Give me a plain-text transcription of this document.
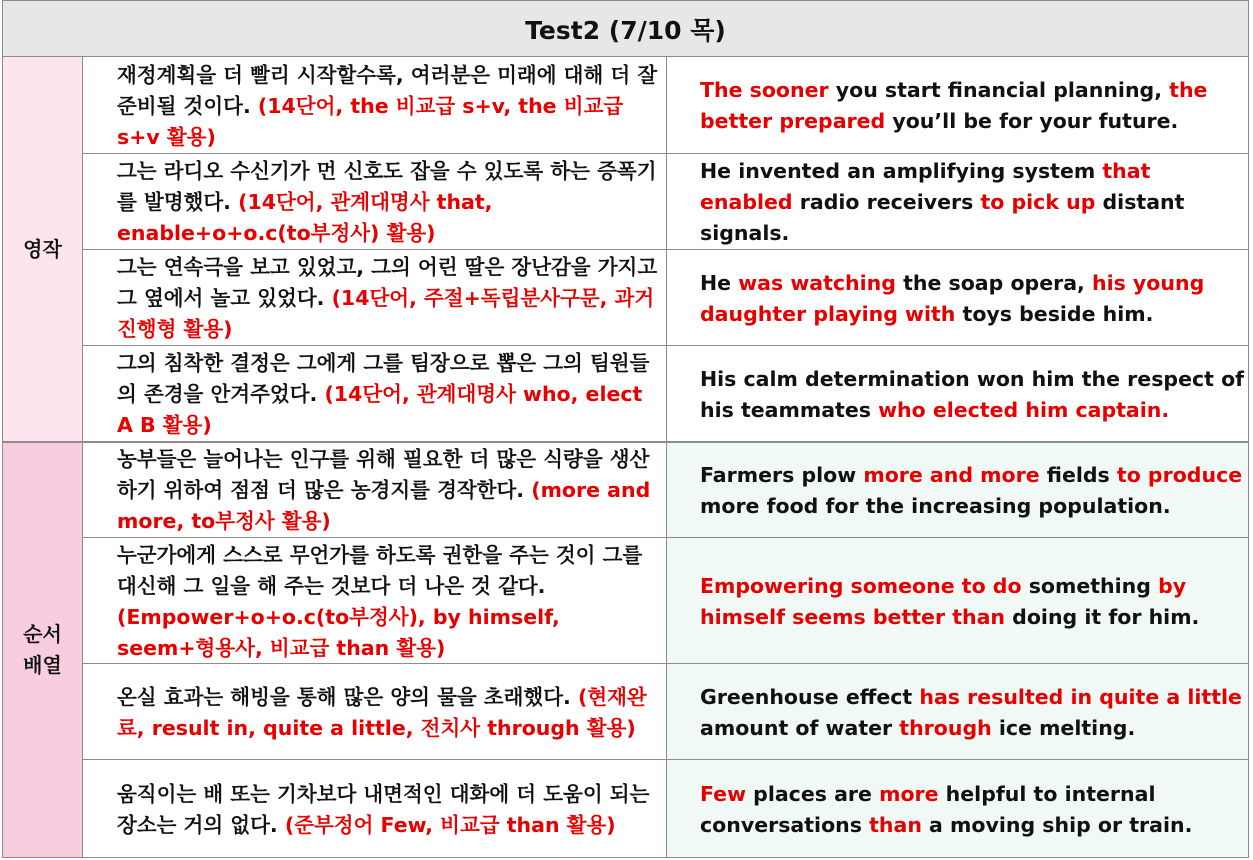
Test2 (7/10 목)
영작
순서
배열
재정계획을 더 빨리 시작할수록, 여러분은 미래에 대해 더 잘 준비될 것이다. (14단어, the 비교급 s+v, the 비교급 s+v 활용)
The sooner you start financial planning, the better prepared you’ll be for your future.
그는 라디오 수신기가 먼 신호도 잡을 수 있도록 하는 증폭기를 발명했다. (14단어, 관계대명사 that, enable+o+o.c(to부정사) 활용)
He invented an amplifying system that enabled radio receivers to pick up distant signals.
그는 연속극을 보고 있었고, 그의 어린 딸은 장난감을 가지고 그 옆에서 놀고 있었다. (14단어, 주절+독립분사구문, 과거진행형 활용)
He was watching the soap opera, his young daughter playing with toys beside him.
그의 침착한 결정은 그에게 그를 팀장으로 뽑은 그의 팀원들의 존경을 안겨주었다. (14단어, 관계대명사 who, elect A B 활용)
His calm determination won him the respect of his teammates who elected him captain.
농부들은 늘어나는 인구를 위해 필요한 더 많은 식량을 생산하기 위하여 점점 더 많은 농경지를 경작한다. (more and more, to부정사 활용)
Farmers plow more and more fields to produce more food for the increasing population.
누군가에게 스스로 무언가를 하도록 권한을 주는 것이 그를 대신해 그 일을 해 주는 것보다 더 나은 것 같다. (Empower+o+o.c(to부정사), by himself, seem+형용사, 비교급 than 활용)
Empowering someone to do something by himself seems better than doing it for him.
온실 효과는 해빙을 통해 많은 양의 물을 초래했다. (현재완료, result in, quite a little, 전치사 through 활용)
Greenhouse effect has resulted in quite a little amount of water through ice melting.
움직이는 배 또는 기차보다 내면적인 대화에 더 도움이 되는 장소는 거의 없다. (준부정어 Few, 비교급 than 활용)
Few places are more helpful to internal conversations than a moving ship or train.
